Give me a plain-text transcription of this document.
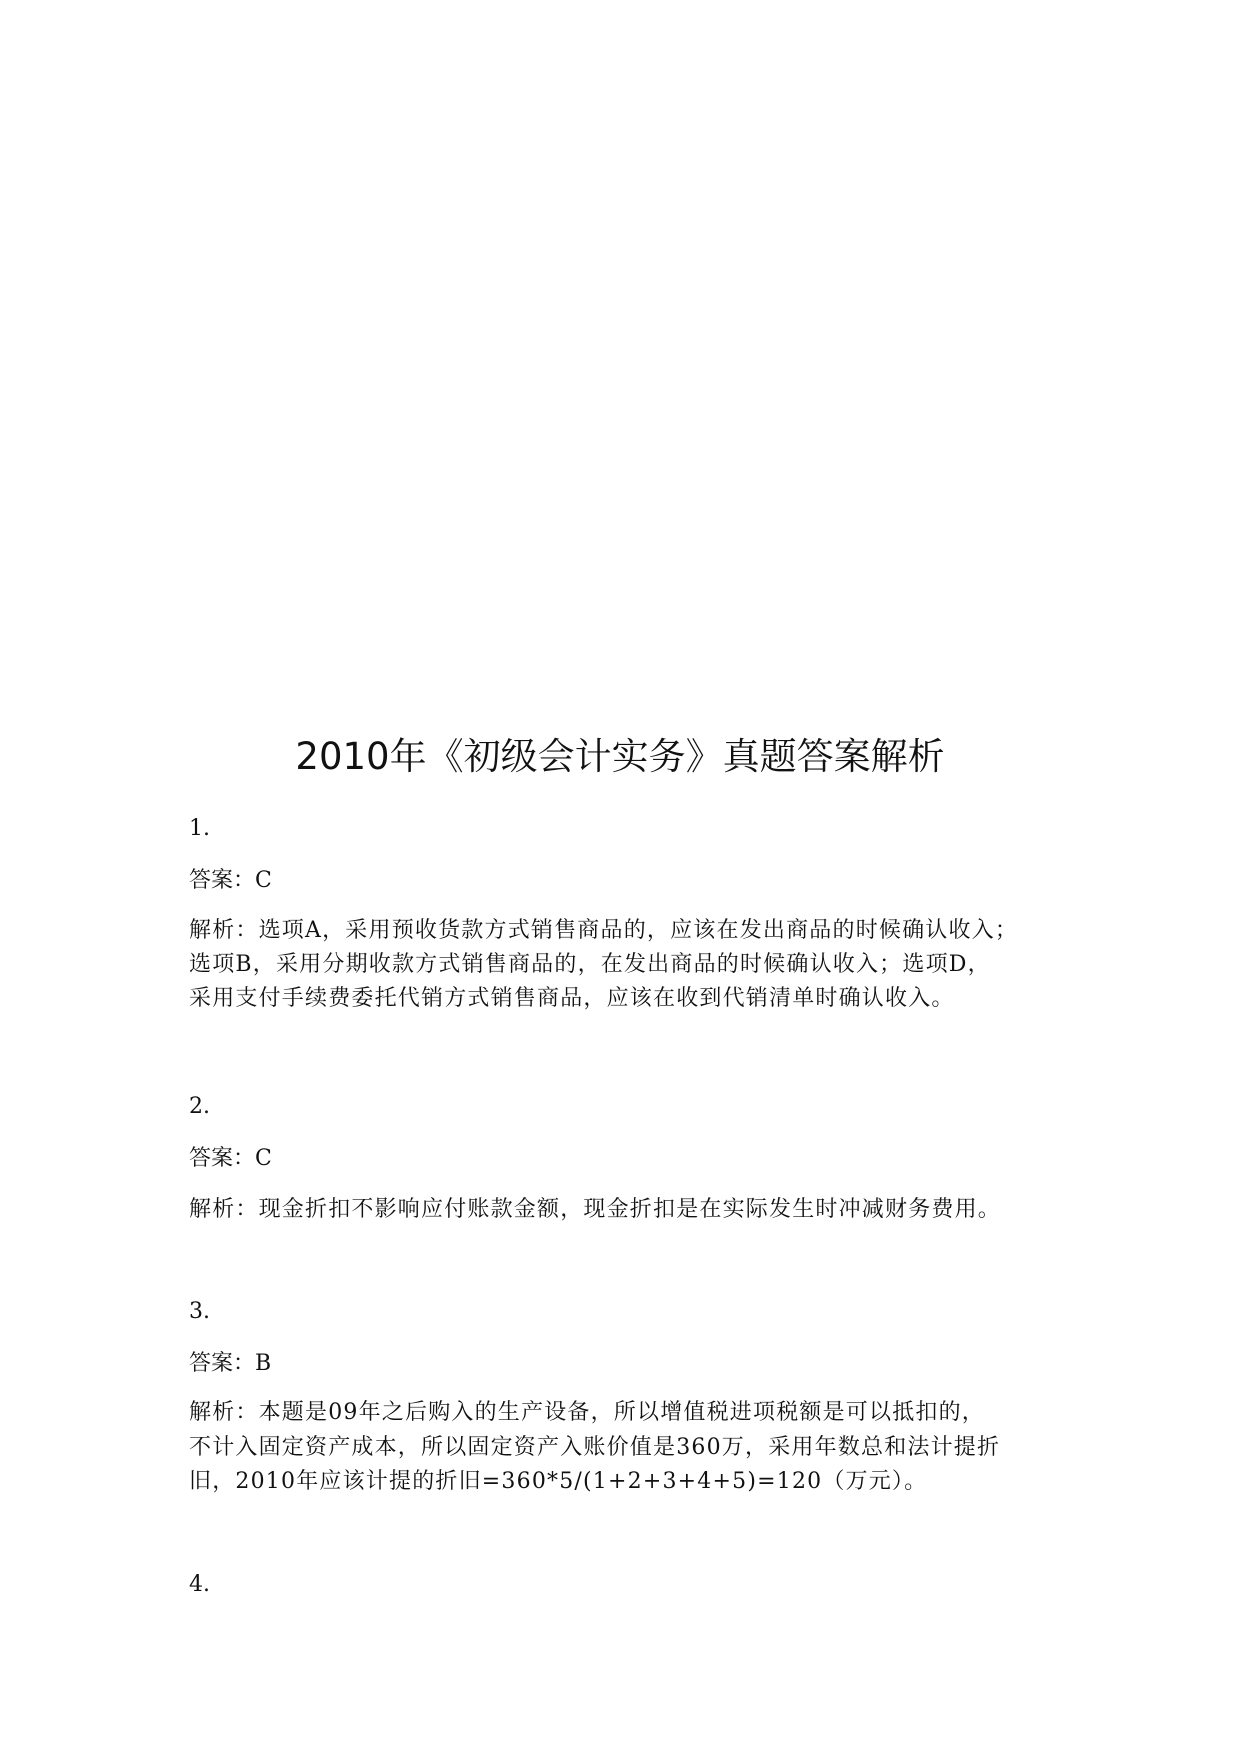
2010年《初级会计实务》真题答案解析
1.
答案：C
解析：选项A，采用预收货款方式销售商品的，应该在发出商品的时候确认收入；
选项B，采用分期收款方式销售商品的，在发出商品的时候确认收入；选项D，
采用支付手续费委托代销方式销售商品，应该在收到代销清单时确认收入。
2.
答案：C
解析：现金折扣不影响应付账款金额，现金折扣是在实际发生时冲减财务费用。
3.
答案：B
解析：本题是09年之后购入的生产设备，所以增值税进项税额是可以抵扣的，
不计入固定资产成本，所以固定资产入账价值是360万，采用年数总和法计提折
旧，2010年应该计提的折旧=360*5/(1+2+3+4+5)=120（万元）。
4.
